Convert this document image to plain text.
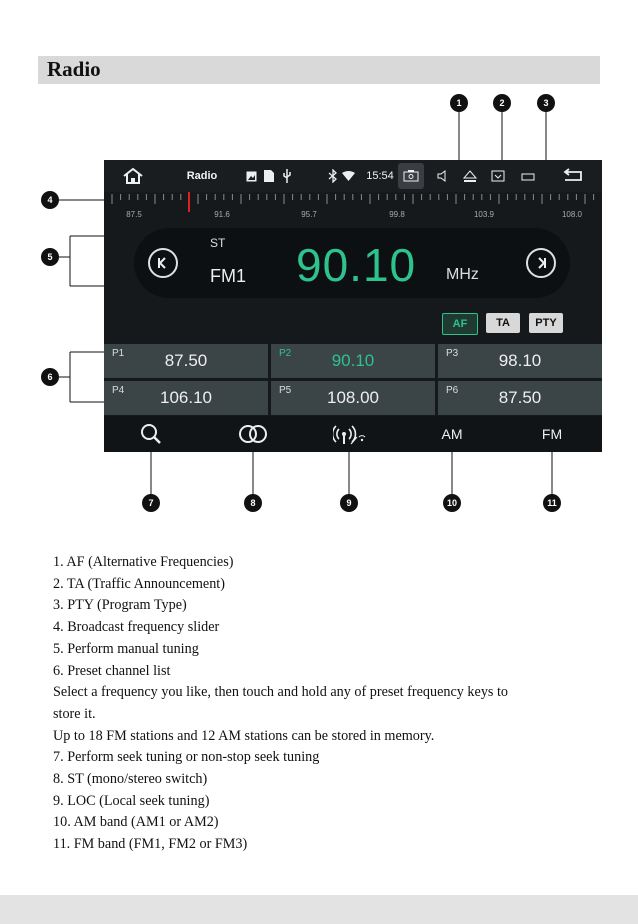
Radio
Radio	15:54
87.5	91.6	95.7	99.8	103.9	108.0
ST
FM1 90.10 MHz
AF	TA	PTY
P1	87.50	P2	90.10	P3	98.10
P4	106.10	P5	108.00	P6	87.50
AM	FM
1	2	3
4
5
6
7	8	9	10	11
1. AF (Alternative Frequencies)
2. TA (Traffic Announcement)
3. PTY (Program Type)
4. Broadcast frequency slider
5. Perform manual tuning
6. Preset channel list
Select a frequency you like, then touch and hold any of preset frequency keys to
store it.
Up to 18 FM stations and 12 AM stations can be stored in memory.
7. Perform seek tuning or non-stop seek tuning
8. ST (mono/stereo switch)
9. LOC (Local seek tuning)
10. AM band (AM1 or AM2)
11. FM band (FM1, FM2 or FM3)
